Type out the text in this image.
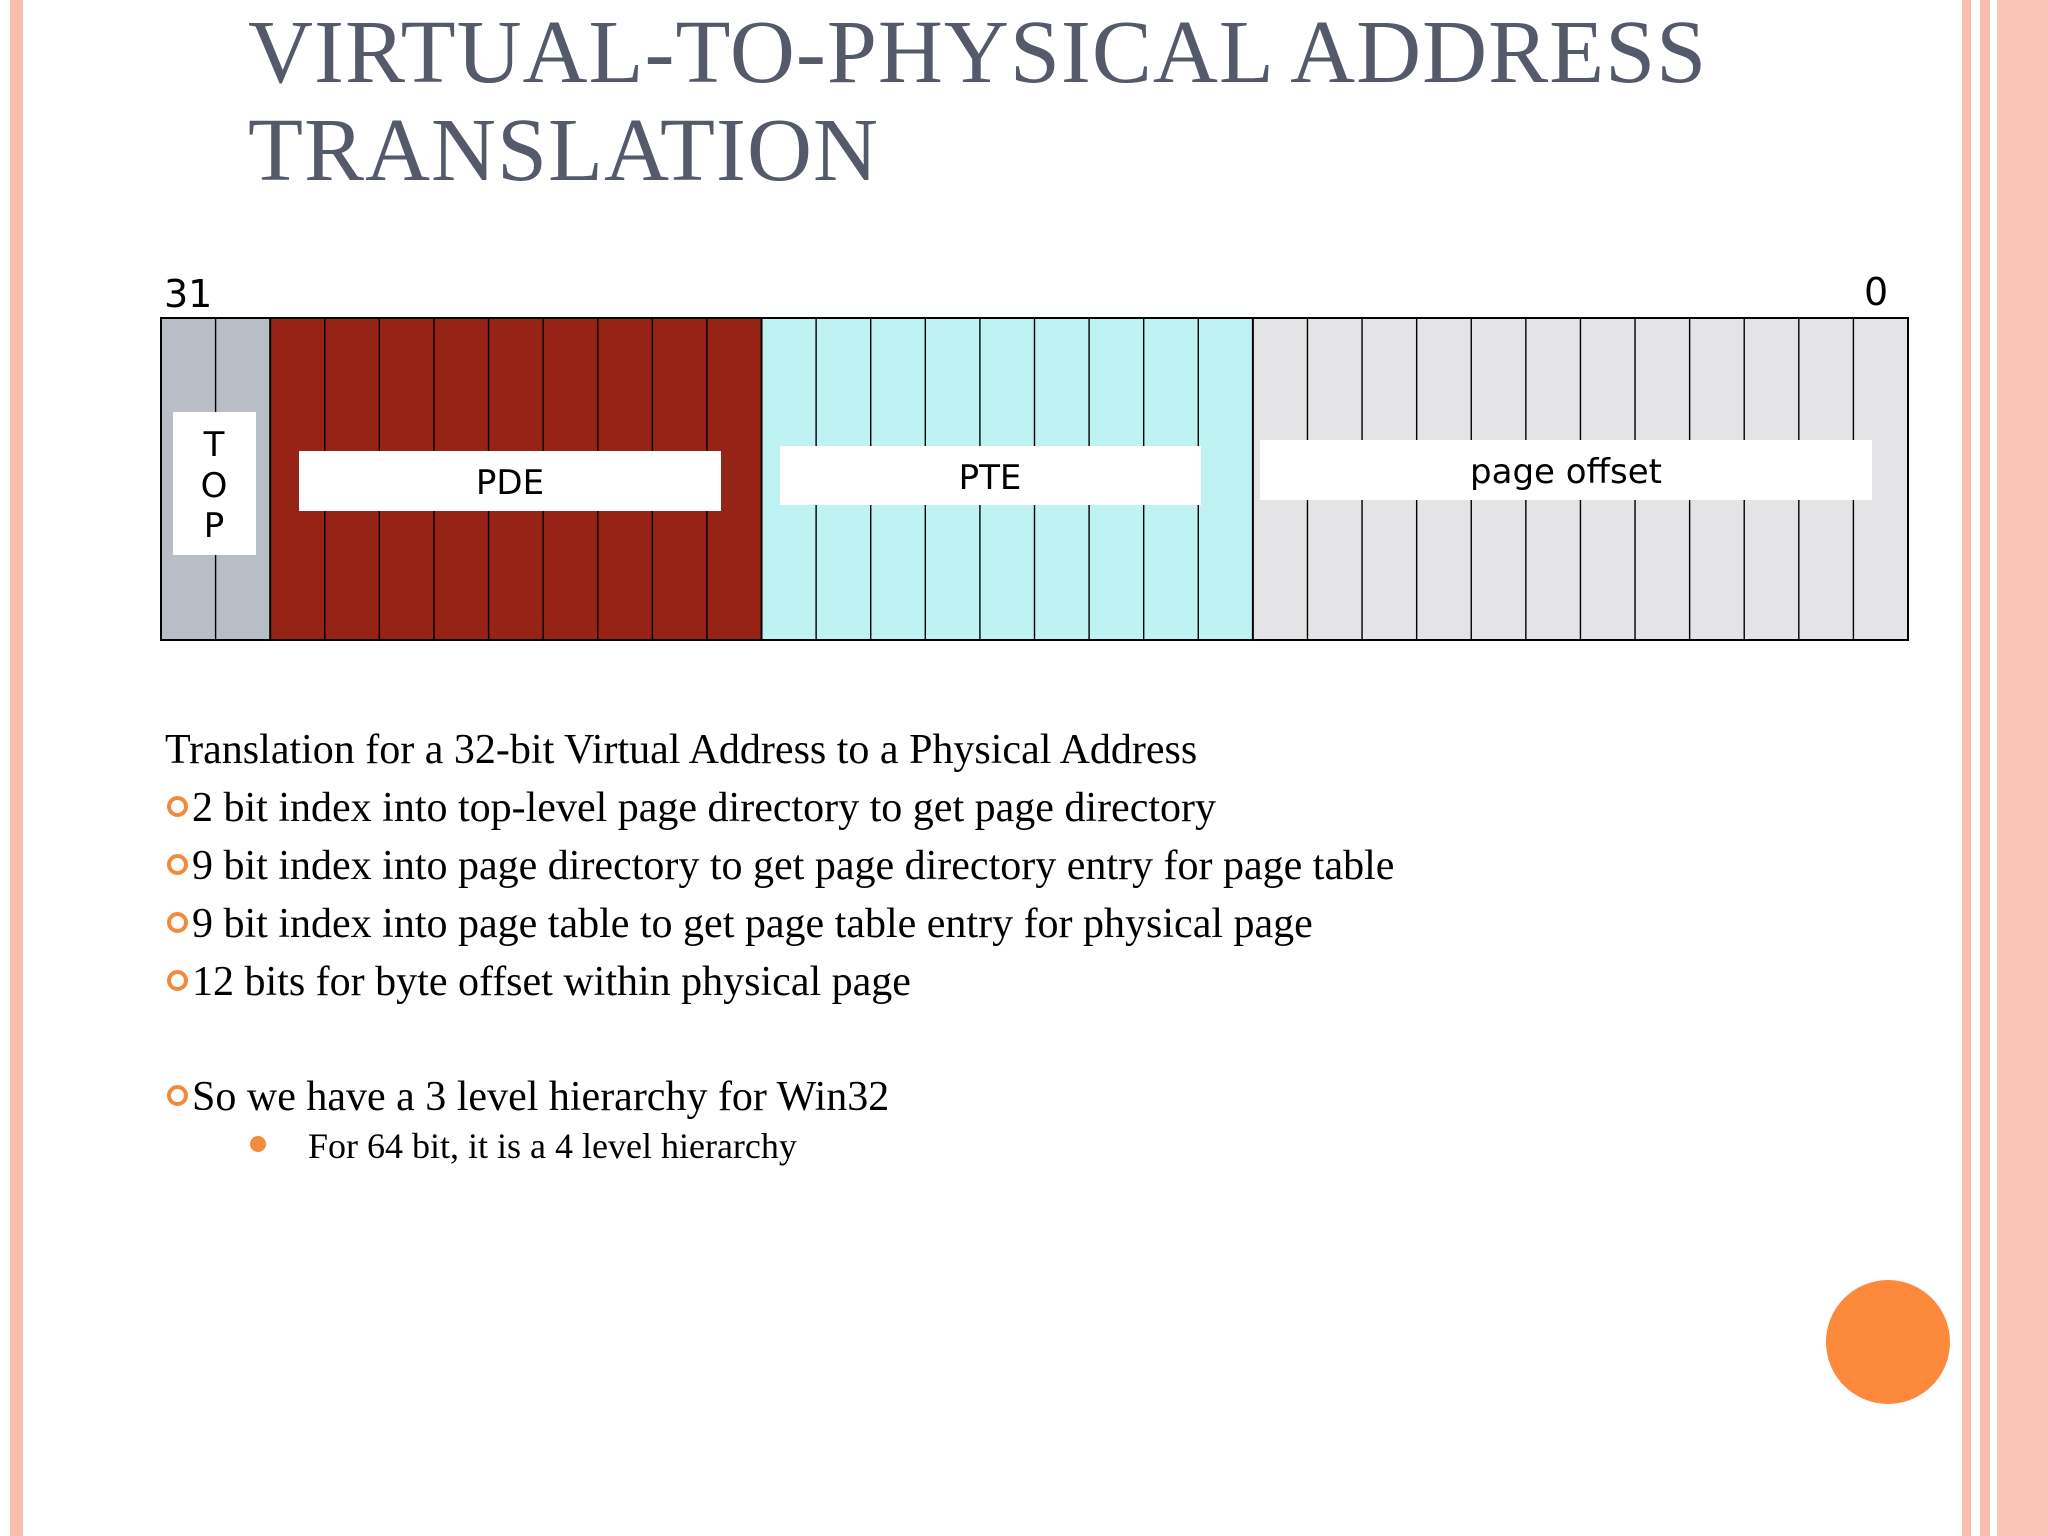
VIRTUAL-TO-PHYSICAL ADDRESS
TRANSLATION
31	0
T
O
P
PDE	PTE	page offset
Translation for a 32-bit Virtual Address to a Physical Address
2 bit index into top-level page directory to get page directory
9 bit index into page directory to get page directory entry for page table
9 bit index into page table to get page table entry for physical page
12 bits for byte offset within physical page
So we have a 3 level hierarchy for Win32
For 64 bit, it is a 4 level hierarchy
